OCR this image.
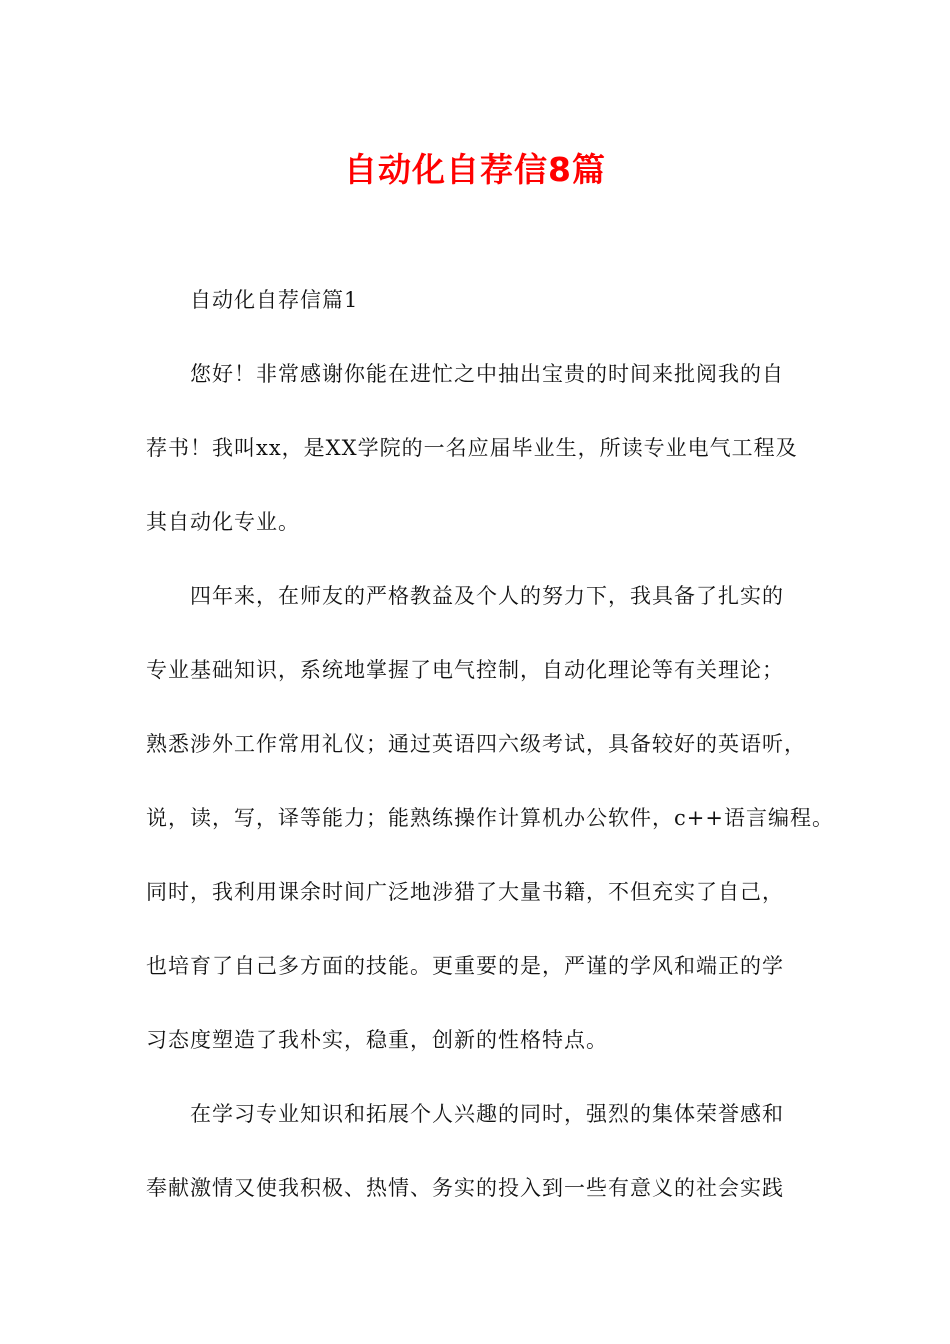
自动化自荐信8篇
自动化自荐信篇1
您好！非常感谢你能在进忙之中抽出宝贵的时间来批阅我的自
荐书！我叫xx，是XX学院的一名应届毕业生，所读专业电气工程及
其自动化专业。
四年来，在师友的严格教益及个人的努力下，我具备了扎实的
专业基础知识，系统地掌握了电气控制，自动化理论等有关理论；
熟悉涉外工作常用礼仪；通过英语四六级考试，具备较好的英语听，
说，读，写，译等能力；能熟练操作计算机办公软件，c++语言编程。
同时，我利用课余时间广泛地涉猎了大量书籍，不但充实了自己，
也培育了自己多方面的技能。更重要的是，严谨的学风和端正的学
习态度塑造了我朴实，稳重，创新的性格特点。
在学习专业知识和拓展个人兴趣的同时，强烈的集体荣誉感和
奉献激情又使我积极、热情、务实的投入到一些有意义的社会实践
